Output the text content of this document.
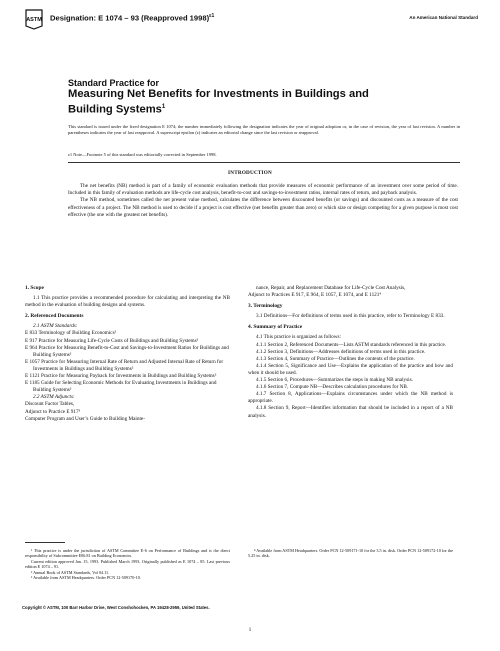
ASTM Designation: E 1074 – 93 (Reapproved 1998)$^{\varepsilon 1}$	An American National Standard
Standard Practice for
Measuring Net Benefits for Investments in Buildings and
Building Systems$^1$
This standard is issued under the fixed designation E 1074; the number immediately following the designation indicates the year of original adoption or, in the case of revision, the year of last revision. A number in parentheses indicates the year of last reapproval. A superscript epsilon (ε) indicates an editorial change since the last revision or reapproval.
ε1 Note—Footnote 5 of this standard was editorially corrected in September 1998.
INTRODUCTION

The net benefits (NB) method is part of a family of economic evaluation methods that provide measures of economic performance of an investment over some period of time. Included in this family of evaluation methods are life-cycle cost analysis, benefit-to-cost and savings-to-investment ratios, internal rates of return, and payback analysis.

The NB method, sometimes called the net present value method, calculates the difference between discounted benefits (or savings) and discounted costs as a measure of the cost effectiveness of a project. The NB method is used to decide if a project is cost effective (net benefits greater than zero) or which size or design competing for a given purpose is most cost effective (the one with the greatest net benefits).

1. Scope

1.1 This practice provides a recommended procedure for calculating and interpreting the NB method in the evaluation of building designs and systems.

2. Referenced Documents

2.1 ASTM Standards:

E 833 Terminology of Building Economics²

E 917 Practice for Measuring Life-Cycle Costs of Buildings and Building Systems²

E 964 Practice for Measuring Benefit-to-Cost and Savings-to-Investment Ratios for Buildings and Building Systems²

E 1057 Practice for Measuring Internal Rate of Return and Adjusted Internal Rate of Return for Investments in Buildings and Building Systems²

E 1121 Practice for Measuring Payback for Investments in Buildings and Building Systems²

E 1185 Guide for Selecting Economic Methods for Evaluating Investments in Buildings and Building Systems²

2.2 ASTM Adjuncts:

Discount Factor Tables,

Adjunct to Practice E 917³

Computer Program and User’s Guide to Building Mainte-

nance, Repair, and Replacement Database for Life-Cycle Cost Analysis,

Adjunct to Practices E 917, E 964, E 1057, E 1074, and E 1121⁴

3. Terminology

3.1 Definitions—For definitions of terms used in this practice, refer to Terminology E 833.

4. Summary of Practice

4.1 This practice is organized as follows:

4.1.1 Section 2, Referenced Documents—Lists ASTM standards referenced in this practice.

4.1.2 Section 3, Definitions—Addresses definitions of terms used in this practice.

4.1.3 Section 4, Summary of Practice—Outlines the contents of the practice.

4.1.4 Section 5, Significance and Use—Explains the application of the practice and how and when it should be used.

4.1.5 Section 6, Procedures—Summarizes the steps in making NB analysis.

4.1.6 Section 7, Compute NB—Describes calculation procedures for NB.

4.1.7 Section 8, Applications—Explains circumstances under which the NB method is appropriate.

4.1.8 Section 9, Report—Identifies information that should be included in a report of a NB analysis.

¹ This practice is under the jurisdiction of ASTM Committee E-6 on Performance of Buildings and is the direct responsibility of Subcommittee E06.81 on Building Economics.

Current edition approved Jan. 15, 1993. Published March 1993. Originally published as E 1074 – 85. Last previous edition E 1074 – 91.

² Annual Book of ASTM Standards, Vol 04.11.

³ Available from ASTM Headquarters. Order PCN 12-509170-10.

⁴ Available from ASTM Headquarters. Order PCN 12-509171-10 for the 3.5 in. disk. Order PCN 12-509172-10 for the 5.25 in. disk.

Copyright © ASTM, 100 Barr Harbor Drive, West Conshohocken, PA 19428-2959, United States.
1
